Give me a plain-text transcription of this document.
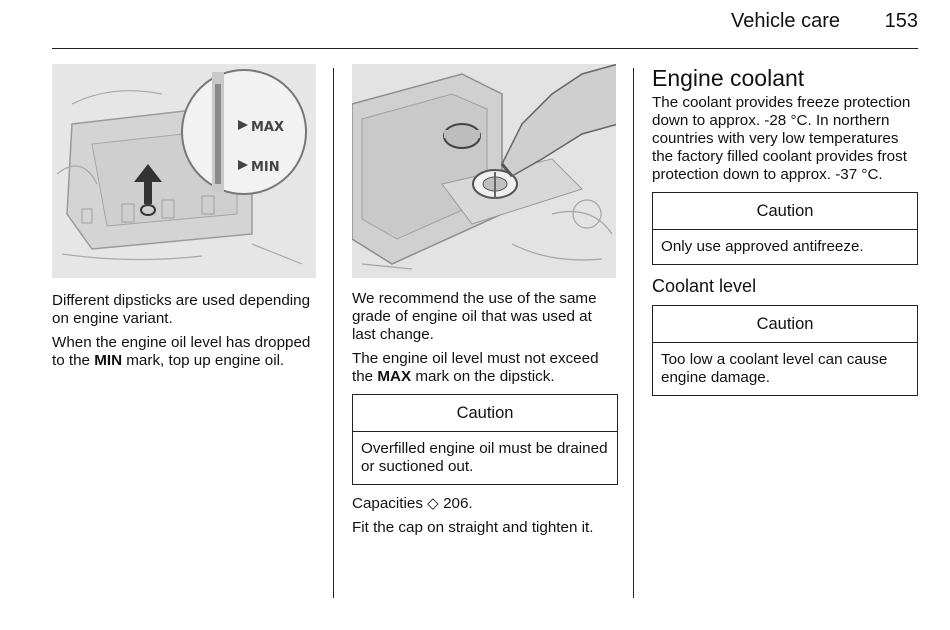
Vehicle care 153
MAX
MIN

Different dipsticks are used depending on engine variant.

When the engine oil level has dropped to the MIN mark, top up engine oil.

We recommend the use of the same grade of engine oil that was used at last change.

The engine oil level must not exceed the MAX mark on the dipstick.

Caution
Overfilled engine oil must be drained or suctioned out.

Capacities ◇ 206.

Fit the cap on straight and tighten it.

Engine coolant

The coolant provides freeze protection down to approx. -28 °C. In northern countries with very low temperatures the factory filled coolant provides frost protection down to approx. -37 °C.

Caution
Only use approved antifreeze.
Coolant level
Caution
Too low a coolant level can cause engine damage.
